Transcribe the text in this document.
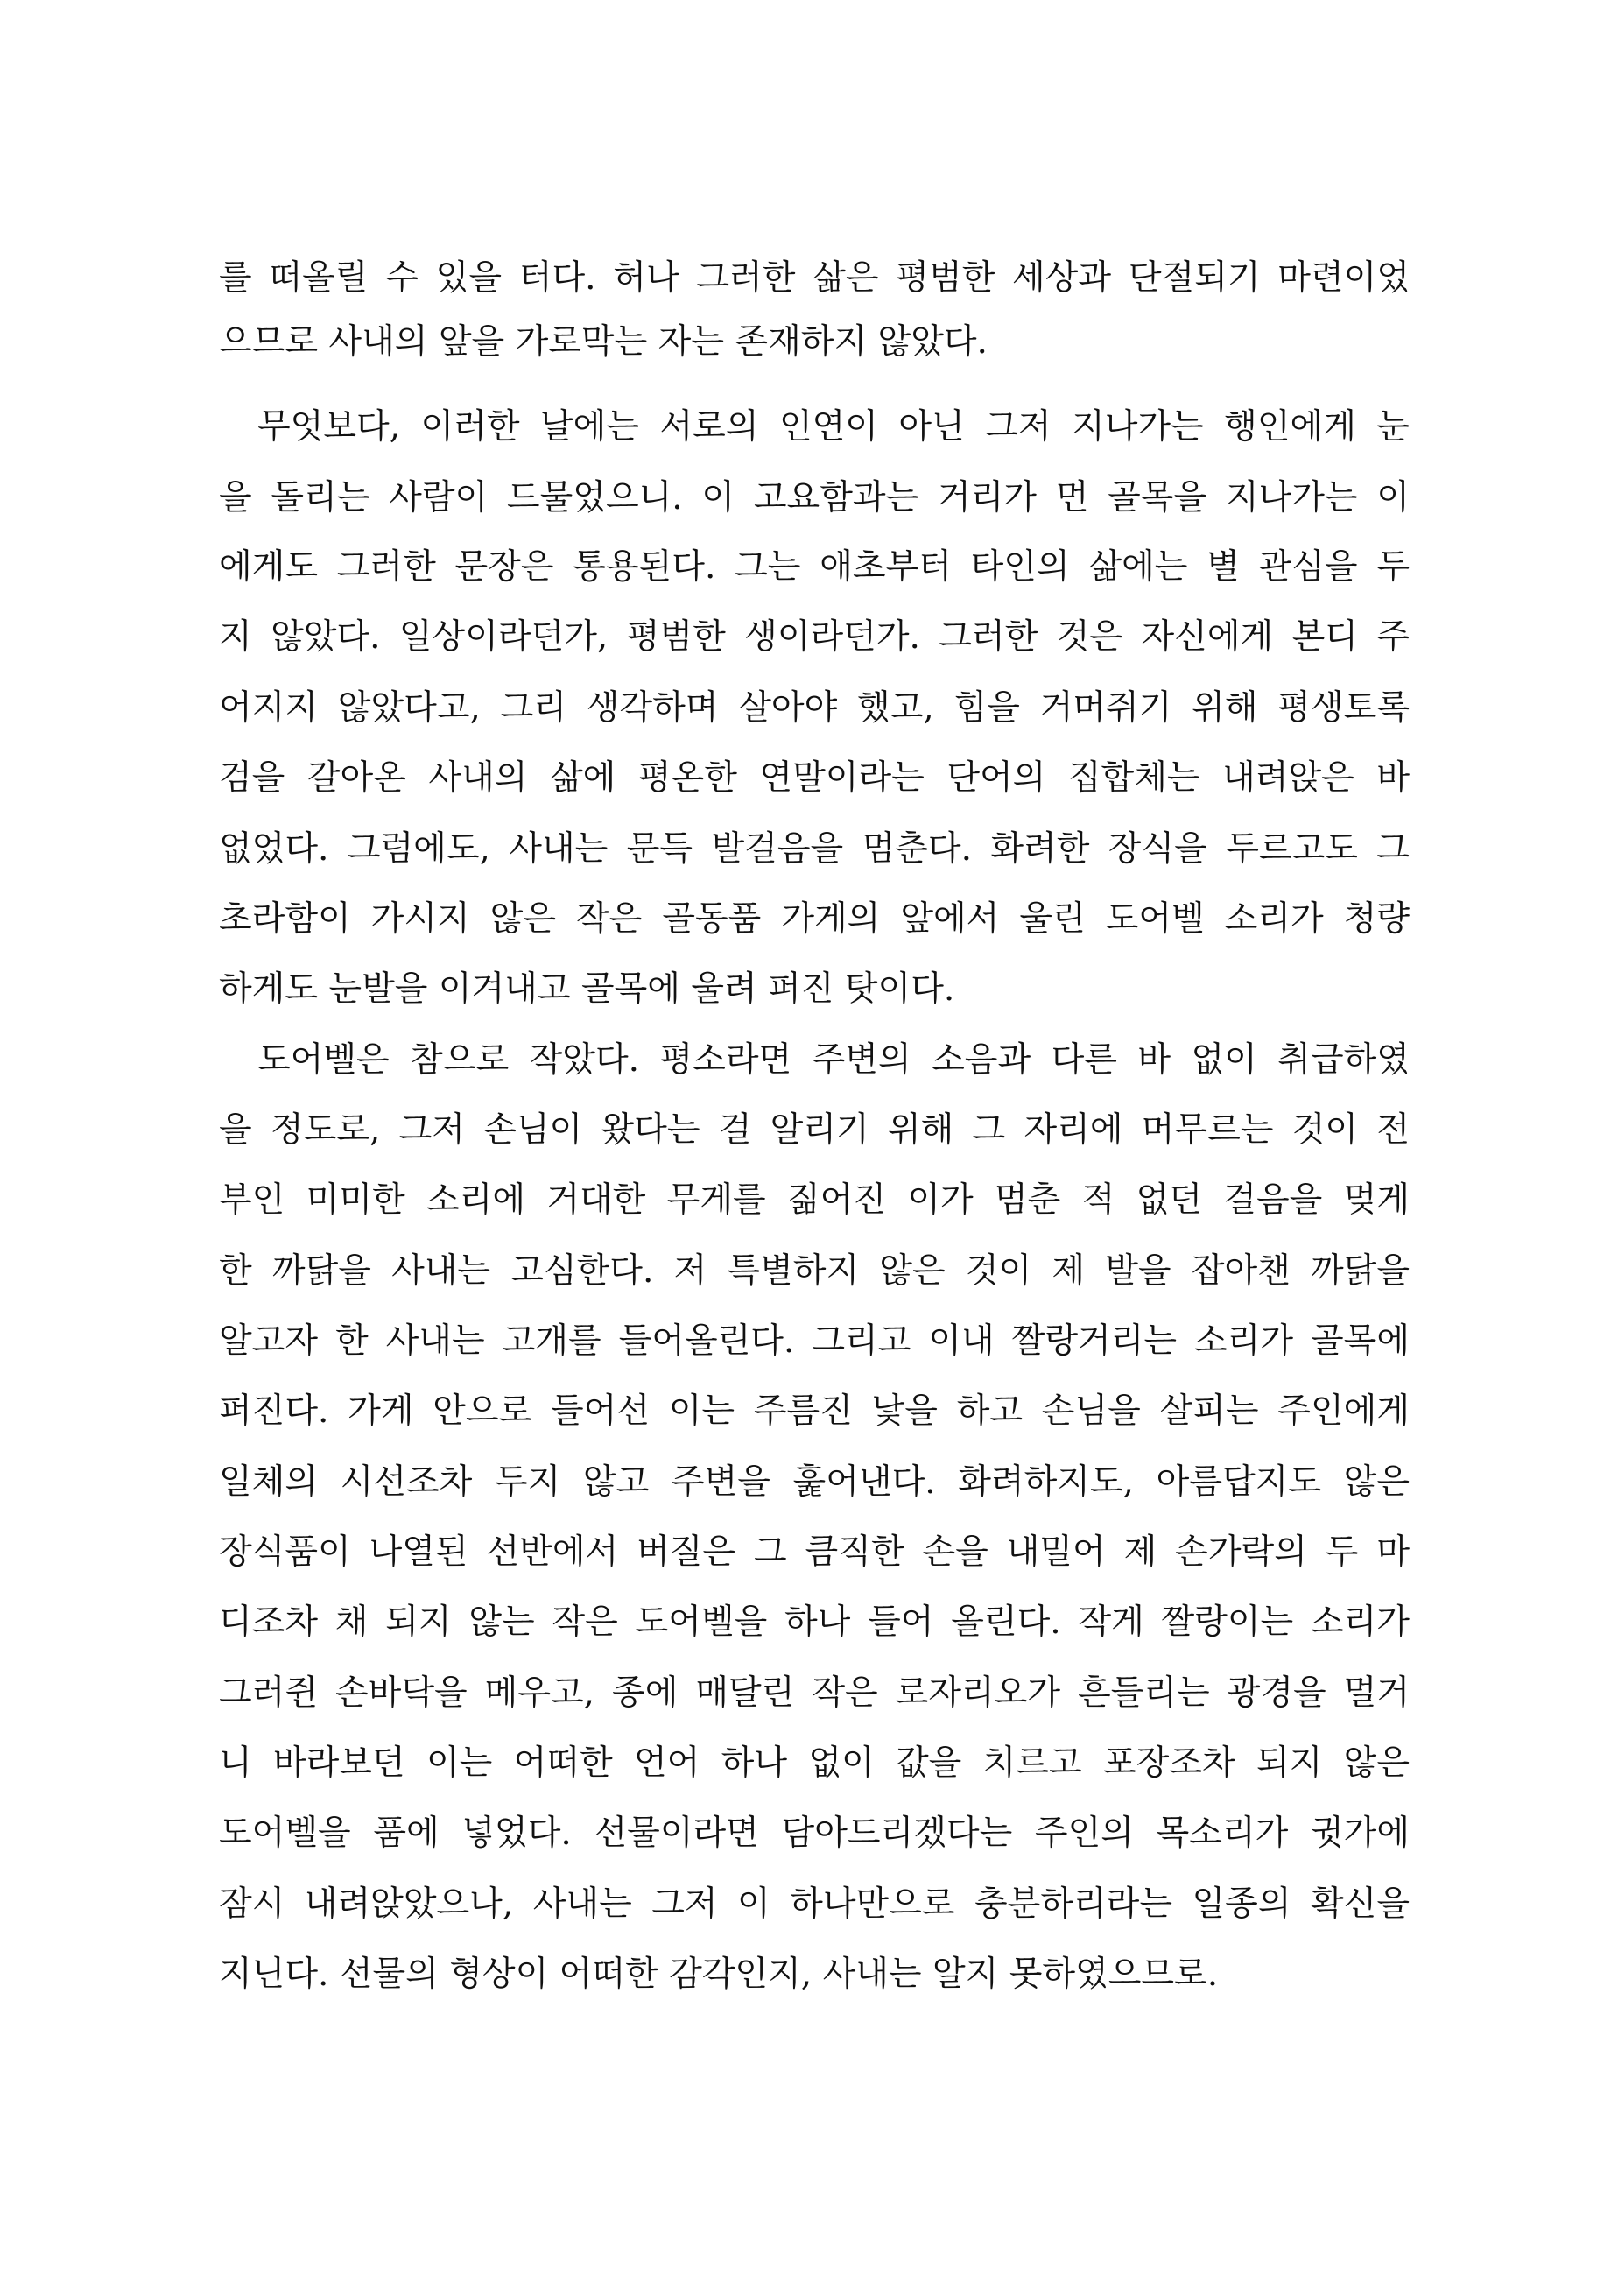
를 떠올릴 수 있을 터다. 허나 그러한 삶은 평범한 세상과 단절되기 마련이었
으므로 사내의 앞을 가로막는 자는 존재하지 않았다.
무엇보다, 이러한 날에는 서로의 인연이 아닌 그저 지나가는 행인에게 눈
을 돌리는 사람이 드물었으니. 이 고요함과는 거리가 먼 골목을 지나가는 이
에게도 그러한 문장은 통용된다. 그는 애초부터 타인의 삶에는 별 관심을 두
지 않았다. 일상이라던가, 평범한 생이라던가. 그러한 것은 자신에게 본디 주
어지지 않았다고, 그리 생각하며 살아야 했고, 힘을 거머쥐기 위해 평생토록
검을 갈아온 사내의 삶에 평온한 연말이라는 단어의 집합체는 내려앉은 바
없었다. 그럼에도, 사내는 문득 발걸음을 멈춘다. 화려한 장식을 두르고도 그
초라함이 가시지 않은 작은 골동품 가게의 앞에서 울린 도어벨 소리가 청량
하게도 눈발을 이겨내고 골목에 울려 퍼진 탓이다.
도어벨은 참으로 작았다. 평소라면 주변의 소음과 다른 바 없이 취급하였
을 정도로, 그저 손님이 왔다는 걸 알리기 위해 그 자리에 머무르는 것이 전
부인 미미한 소리에 거대한 무게를 짊어진 이가 멈춘 적 없던 걸음을 멎게
한 까닭을 사내는 고심한다. 저 특별하지 않은 것이 제 발을 잡아챈 까닭을
알고자 한 사내는 고개를 들어올린다. 그리고 이내 짤랑거리는 소리가 골목에
퍼진다. 가게 안으로 들어선 이는 주름진 낯을 하고 손님을 살피는 주인에게
일체의 시선조차 두지 않고 주변을 훑어낸다. 화려하지도, 아름답지도 않은
장식품이 나열된 선반에서 버질은 그 큼직한 손을 내밀어 제 손가락의 두 마
디조차 채 되지 않는 작은 도어벨을 하나 들어 올린다. 작게 짤랑이는 소리가
그러쥔 손바닥을 메우고, 종에 매달린 작은 로자리오가 흔들리는 광경을 멀거
니 바라보던 이는 어떠한 언어 하나 없이 값을 치르고 포장조차 되지 않은
도어벨을 품에 넣었다. 선물이라면 담아드리겠다는 주인의 목소리가 귓가에
잠시 내려앉았으나, 사내는 그저 이 하나만으로 충분하리라는 일종의 확신을
지닌다. 선물의 형상이 어떠한 감각인지, 사내는 알지 못하였으므로.
